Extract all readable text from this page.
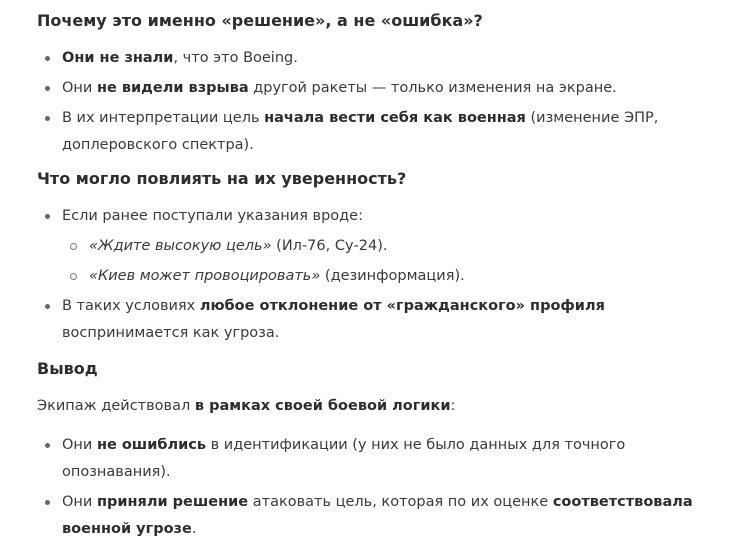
Почему это именно «решение», а не «ошибка»?
Они не знали, что это Boeing.
Они не видели взрыва другой ракеты — только изменения на экране.
В их интерпретации цель начала вести себя как военная (изменение ЭПР, доплеровского спектра).
Что могло повлиять на их уверенность?
Если ранее поступали указания вроде:
«Ждите высокую цель» (Ил-76, Су-24).
«Киев может провоцировать» (дезинформация).
В таких условиях любое отклонение от «гражданского» профиля воспринимается как угроза.
Вывод

Экипаж действовал в рамках своей боевой логики:

Они не ошиблись в идентификации (у них не было данных для точного опознавания).
Они приняли решение атаковать цель, которая по их оценке соответствовала военной угрозе.
